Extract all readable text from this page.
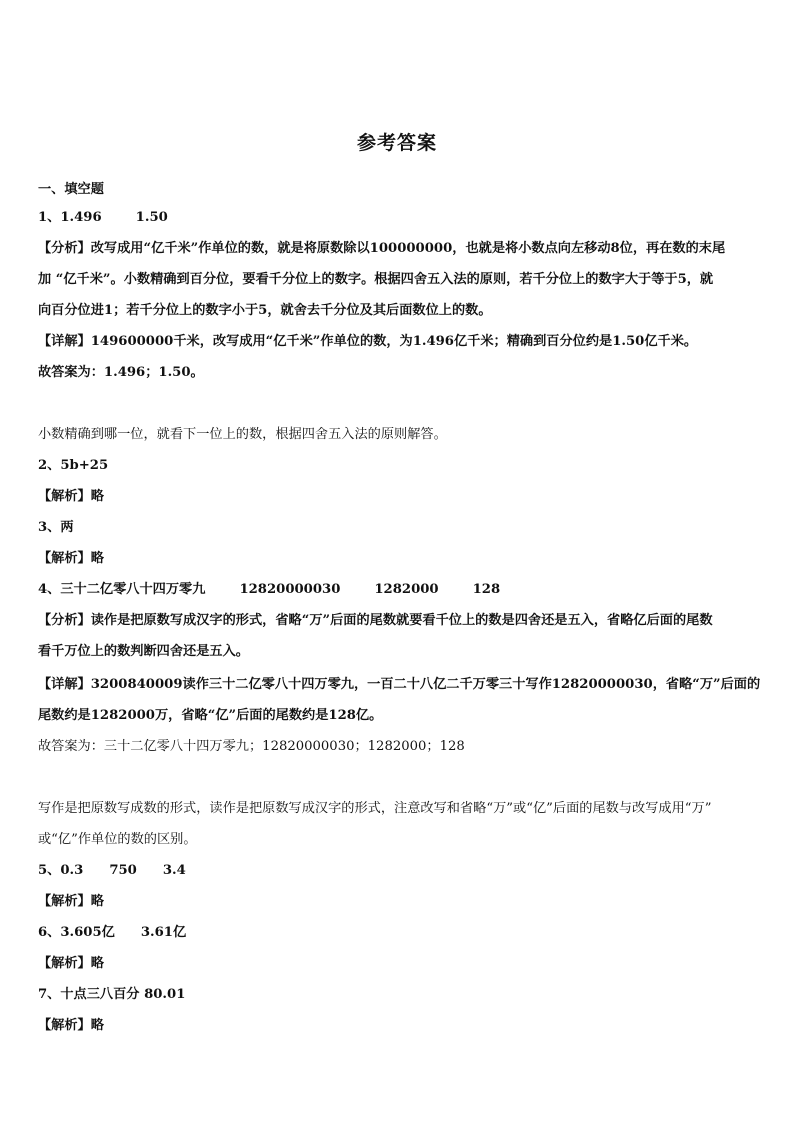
参考答案
一、填空题
1、1.496	1.50
【分析】改写成用“亿千米”作单位的数，就是将原数除以100000000，也就是将小数点向左移动8位，再在数的末尾
加 “亿千米”。小数精确到百分位，要看千分位上的数字。根据四舍五入法的原则，若千分位上的数字大于等于5，就
向百分位进1；若千分位上的数字小于5，就舍去千分位及其后面数位上的数。
【详解】149600000千米，改写成用“亿千米”作单位的数，为1.496亿千米；精确到百分位约是1.50亿千米。
故答案为：1.496；1.50。
小数精确到哪一位，就看下一位上的数，根据四舍五入法的原则解答。
2、5b+25
【解析】略
3、两
【解析】略
4、三十二亿零八十四万零九	12820000030	1282000	128
【分析】读作是把原数写成汉字的形式，省略“万”后面的尾数就要看千位上的数是四舍还是五入，省略亿后面的尾数
看千万位上的数判断四舍还是五入。
【详解】3200840009读作三十二亿零八十四万零九，一百二十八亿二千万零三十写作12820000030，省略“万”后面的
尾数约是1282000万，省略“亿”后面的尾数约是128亿。
故答案为：三十二亿零八十四万零九；12820000030；1282000；128
写作是把原数写成数的形式，读作是把原数写成汉字的形式，注意改写和省略“万”或“亿”后面的尾数与改写成用“万”
或“亿”作单位的数的区别。
5、0.3 750 3.4
【解析】略
6、3.605亿 3.61亿
【解析】略
7、十点三八百分 80.01
【解析】略
